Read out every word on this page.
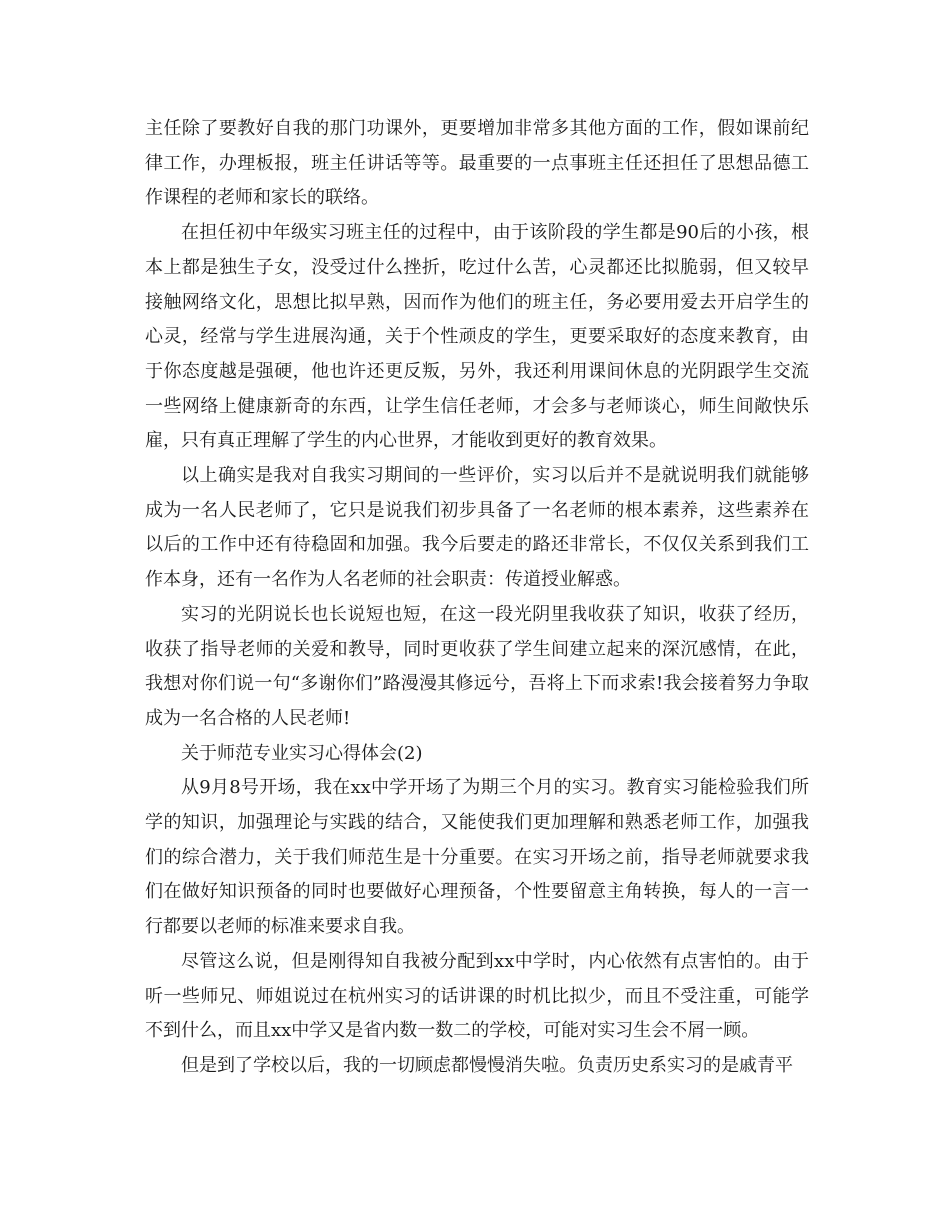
主任除了要教好自我的那门功课外，更要增加非常多其他方面的工作，假如课前纪律工作，办理板报，班主任讲话等等。最重要的一点事班主任还担任了思想品德工作课程的老师和家长的联络。

在担任初中年级实习班主任的过程中，由于该阶段的学生都是90后的小孩，根本上都是独生子女，没受过什么挫折，吃过什么苦，心灵都还比拟脆弱，但又较早接触网络文化，思想比拟早熟，因而作为他们的班主任，务必要用爱去开启学生的心灵，经常与学生进展沟通，关于个性顽皮的学生，更要采取好的态度来教育，由于你态度越是强硬，他也许还更反叛，另外，我还利用课间休息的光阴跟学生交流一些网络上健康新奇的东西，让学生信任老师，才会多与老师谈心，师生间敞快乐雇，只有真正理解了学生的内心世界，才能收到更好的教育效果。

以上确实是我对自我实习期间的一些评价，实习以后并不是就说明我们就能够成为一名人民老师了，它只是说我们初步具备了一名老师的根本素养，这些素养在以后的工作中还有待稳固和加强。我今后要走的路还非常长，不仅仅关系到我们工作本身，还有一名作为人名老师的社会职责：传道授业解惑。

实习的光阴说长也长说短也短，在这一段光阴里我收获了知识，收获了经历，收获了指导老师的关爱和教导，同时更收获了学生间建立起来的深沉感情，在此，我想对你们说一句“多谢你们”路漫漫其修远兮，吾将上下而求索!我会接着努力争取成为一名合格的人民老师!

关于师范专业实习心得体会(2)

从9月8号开场，我在xx中学开场了为期三个月的实习。教育实习能检验我们所学的知识，加强理论与实践的结合，又能使我们更加理解和熟悉老师工作，加强我们的综合潜力，关于我们师范生是十分重要。在实习开场之前，指导老师就要求我们在做好知识预备的同时也要做好心理预备，个性要留意主角转换，每人的一言一行都要以老师的标准来要求自我。

尽管这么说，但是刚得知自我被分配到xx中学时，内心依然有点害怕的。由于听一些师兄、师姐说过在杭州实习的话讲课的时机比拟少，而且不受注重，可能学不到什么，而且xx中学又是省内数一数二的学校，可能对实习生会不屑一顾。

但是到了学校以后，我的一切顾虑都慢慢消失啦。负责历史系实习的是戚青平
